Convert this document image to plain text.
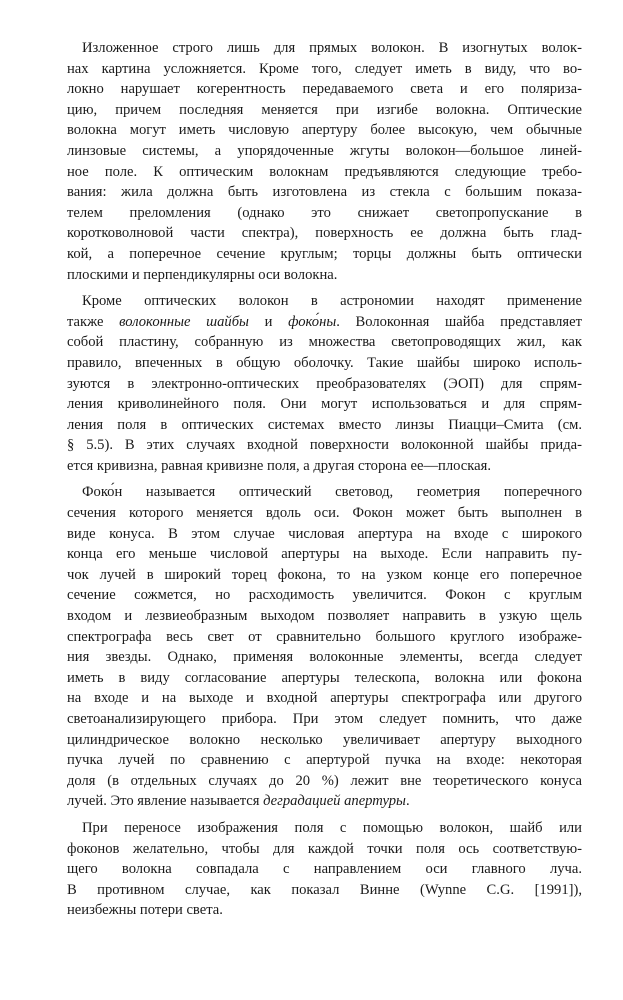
Изложенное строго лишь для прямых волокон. В изогнутых волок-
нах картина усложняется. Кроме того, следует иметь в виду, что во-
локно нарушает когерентность передаваемого света и его поляриза-
цию, причем последняя меняется при изгибе волокна. Оптические
волокна могут иметь числовую апертуру более высокую, чем обычные
линзовые системы, а упорядоченные жгуты волокон—большое линей-
ное поле. К оптическим волокнам предъявляются следующие требо-
вания: жила должна быть изготовлена из стекла с большим показа-
телем преломления (однако это снижает светопропускание в
коротковолновой части спектра), поверхность ее должна быть глад-
кой, а поперечное сечение круглым; торцы должны быть оптически
плоскими и перпендикулярны оси волокна.
Кроме оптических волокон в астрономии находят применение
также волоконные шайбы и фоко́ны. Волоконная шайба представляет
собой пластину, собранную из множества светопроводящих жил, как
правило, впеченных в общую оболочку. Такие шайбы широко исполь-
зуются в электронно-оптических преобразователях (ЭОП) для спрям-
ления криволинейного поля. Они могут использоваться и для спрям-
ления поля в оптических системах вместо линзы Пиацци–Смита (см.
§ 5.5). В этих случаях входной поверхности волоконной шайбы прида-
ется кривизна, равная кривизне поля, а другая сторона ее—плоская.
Фоко́н называется оптический световод, геометрия поперечного
сечения которого меняется вдоль оси. Фокон может быть выполнен в
виде конуса. В этом случае числовая апертура на входе с широкого
конца его меньше числовой апертуры на выходе. Если направить пу-
чок лучей в широкий торец фокона, то на узком конце его поперечное
сечение сожмется, но расходимость увеличится. Фокон с круглым
входом и лезвиеобразным выходом позволяет направить в узкую щель
спектрографа весь свет от сравнительно большого круглого изображе-
ния звезды. Однако, применяя волоконные элементы, всегда следует
иметь в виду согласование апертуры телескопа, волокна или фокона
на входе и на выходе и входной апертуры спектрографа или другого
светоанализирующего прибора. При этом следует помнить, что даже
цилиндрическое волокно несколько увеличивает апертуру выходного
пучка лучей по сравнению с апертурой пучка на входе: некоторая
доля (в отдельных случаях до 20 %) лежит вне теоретического конуса
лучей. Это явление называется деградацией апертуры.
При переносе изображения поля с помощью волокон, шайб или
фоконов желательно, чтобы для каждой точки поля ось соответствую-
щего волокна совпадала с направлением оси главного луча.
В противном случае, как показал Винне (Wynne C.G. [1991]),
неизбежны потери света.
